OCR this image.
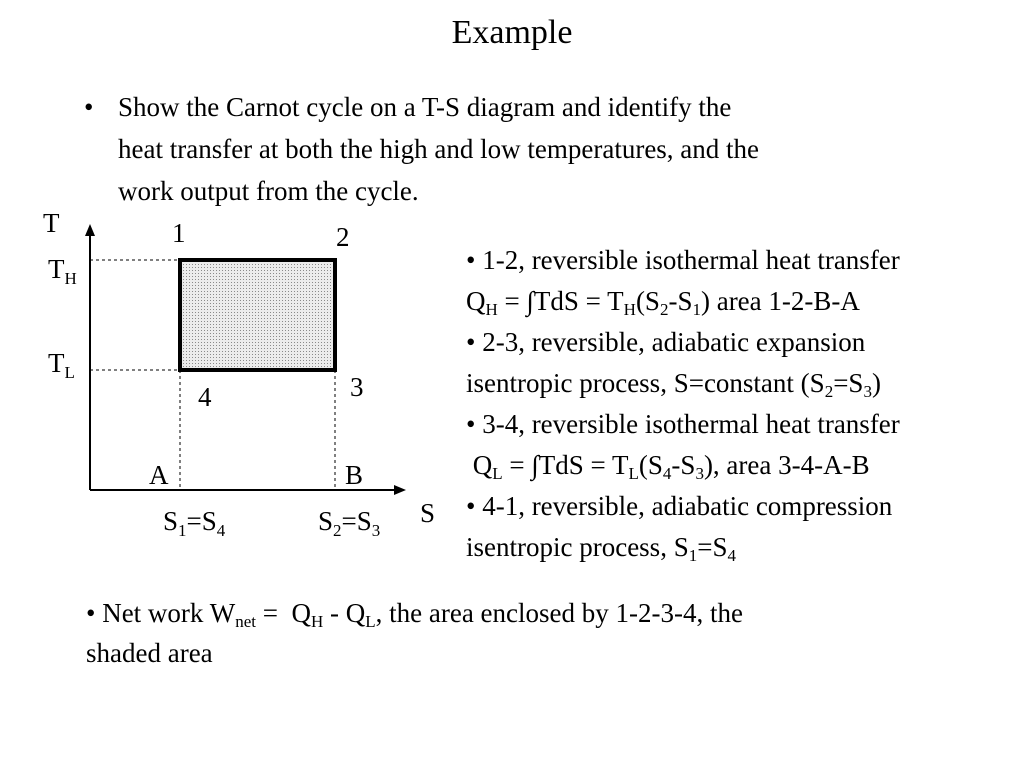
Example
• Show the Carnot cycle on a T-S diagram and identify the
heat transfer at both the high and low temperatures, and the
work output from the cycle.
T
S
$T_H$
$T_L$
1	2
3
4
A	B
$S_1=S_4$	$S_2=S_3$
• 1-2, reversible isothermal heat transfer
$Q_H = \int TdS = T_H(S_2-S_1)$ area 1-2-B-A
• 2-3, reversible, adiabatic expansion
isentropic process, S=constant $(S_2=S_3)$
• 3-4, reversible isothermal heat transfer
$Q_L = \int TdS = T_L(S_4-S_3)$, area 3-4-A-B
• 4-1, reversible, adiabatic compression
isentropic process, $S_1=S_4$
• Net work $W_{net} = Q_H - Q_L$, the area enclosed by 1-2-3-4, the
shaded area
